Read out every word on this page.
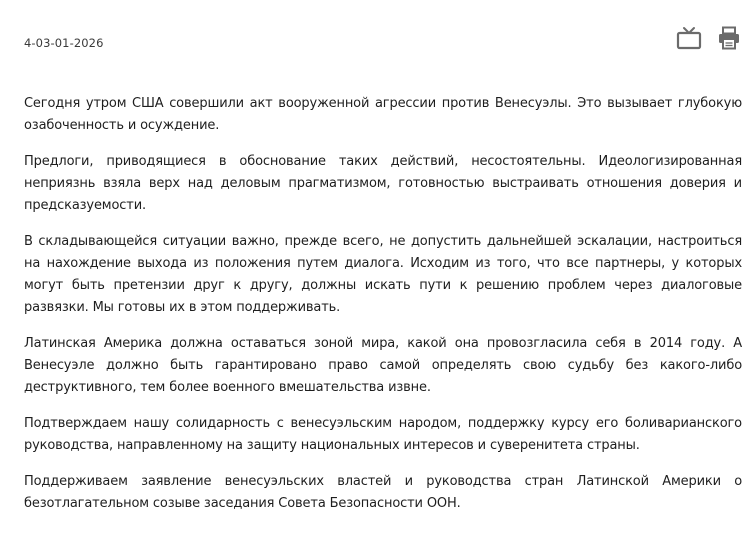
4-03-01-2026

Сегодня утром США совершили акт вооруженной агрессии против Венесуэлы. Это вызывает глубокую озабоченность и осуждение.

Предлоги, приводящиеся в обоснование таких действий, несостоятельны. Идеологизированная неприязнь взяла верх над деловым прагматизмом, готовностью выстраивать отношения доверия и предсказуемости.

В складывающейся ситуации важно, прежде всего, не допустить дальнейшей эскалации, настроиться на нахождение выхода из положения путем диалога. Исходим из того, что все партнеры, у которых могут быть претензии друг к другу, должны искать пути к решению проблем через диалоговые развязки. Мы готовы их в этом поддерживать.

Латинская Америка должна оставаться зоной мира, какой она провозгласила себя в 2014 году. А Венесуэле должно быть гарантировано право самой определять свою судьбу без какого-либо деструктивного, тем более военного вмешательства извне.

Подтверждаем нашу солидарность с венесуэльским народом, поддержку курсу его боливарианского руководства, направленному на защиту национальных интересов и суверенитета страны.

Поддерживаем заявление венесуэльских властей и руководства стран Латинской Америки о безотлагательном созыве заседания Совета Безопасности ООН.
